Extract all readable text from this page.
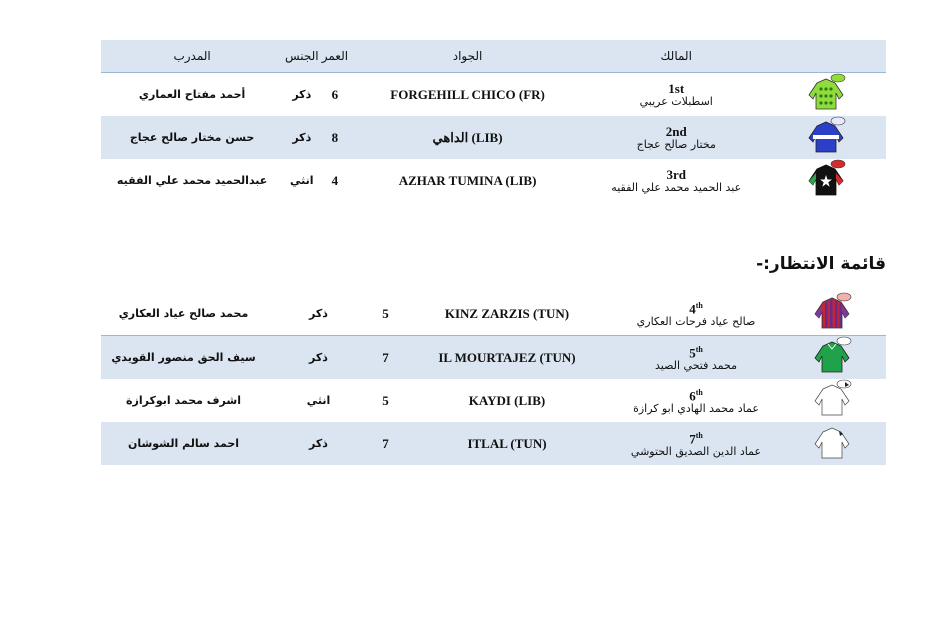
	المالك	الجواد	العمر	الجنس	المدرب

1st
اسطبلات عريبي	FORGEHILL CHICO (FR)	6	ذكر	أحمد مفتاح العماري

2nd
مختار صالح عجاج	(LIB) الداهي	8	ذكر	حسن مختار صالح عجاج

3rd
عبد الحميد محمد علي الفقيه	AZHAR TUMINA (LIB)	4	انثي	عبدالحميد محمد علي الفقيه
قائمة الانتظار:-

4th
صالح عياد فرحات العكاري	KINZ ZARZIS (TUN)	5	ذكر	محمد صالح عياد العكاري

5th
محمد فتحي الصيد	IL MOURTAJEZ (TUN)	7	ذكر	سيف الحق منصور القويدي

6th
عماد محمد الهادي ابو كرازة	KAYDI (LIB)	5	انثي	اشرف محمد ابوكرازة

7th
عماد الدين الصديق الحتوشي	ITLAL (TUN)	7	ذكر	احمد سالم الشوشان
